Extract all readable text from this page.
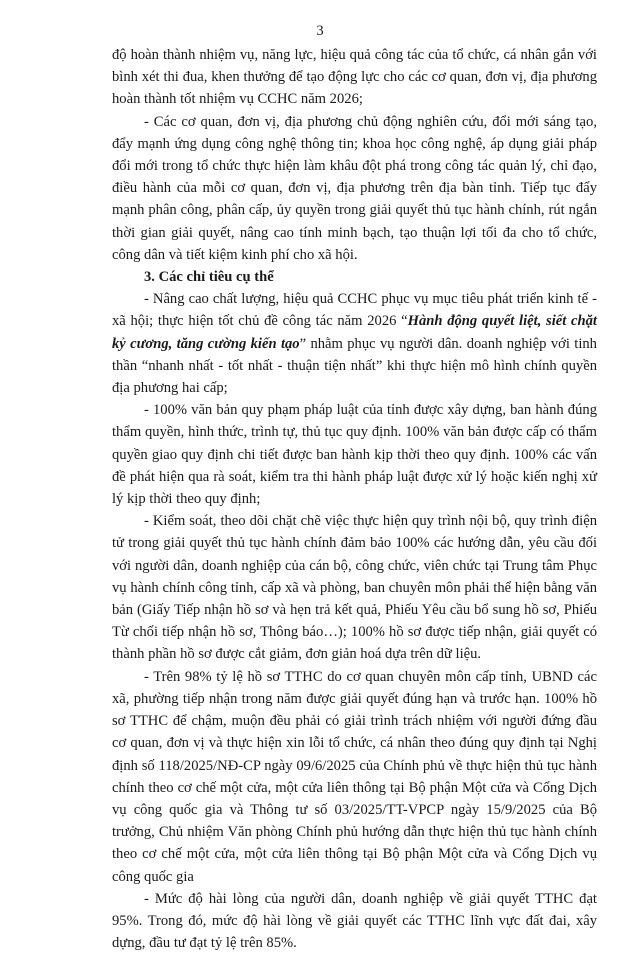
3

độ hoàn thành nhiệm vụ, năng lực, hiệu quả công tác của tổ chức, cá nhân gắn với bình xét thi đua, khen thưởng để tạo động lực cho các cơ quan, đơn vị, địa phương hoàn thành tốt nhiệm vụ CCHC năm 2026;

- Các cơ quan, đơn vị, địa phương chủ động nghiên cứu, đổi mới sáng tạo, đẩy mạnh ứng dụng công nghệ thông tin; khoa học công nghệ, áp dụng giải pháp đổi mới trong tổ chức thực hiện làm khâu đột phá trong công tác quản lý, chỉ đạo, điều hành của mỗi cơ quan, đơn vị, địa phương trên địa bàn tỉnh. Tiếp tục đẩy mạnh phân công, phân cấp, ủy quyền trong giải quyết thủ tục hành chính, rút ngắn thời gian giải quyết, nâng cao tính minh bạch, tạo thuận lợi tối đa cho tổ chức, công dân và tiết kiệm kinh phí cho xã hội.

3. Các chỉ tiêu cụ thể

- Nâng cao chất lượng, hiệu quả CCHC phục vụ mục tiêu phát triển kinh tế - xã hội; thực hiện tốt chủ đề công tác năm 2026 “Hành động quyết liệt, siết chặt kỷ cương, tăng cường kiến tạo” nhằm phục vụ người dân. doanh nghiệp với tinh thần “nhanh nhất - tốt nhất - thuận tiện nhất” khi thực hiện mô hình chính quyền địa phương hai cấp;

- 100% văn bản quy phạm pháp luật của tỉnh được xây dựng, ban hành đúng thẩm quyền, hình thức, trình tự, thủ tục quy định. 100% văn bản được cấp có thẩm quyền giao quy định chi tiết được ban hành kịp thời theo quy định. 100% các vấn đề phát hiện qua rà soát, kiểm tra thi hành pháp luật được xử lý hoặc kiến nghị xử lý kịp thời theo quy định;

- Kiểm soát, theo dõi chặt chẽ việc thực hiện quy trình nội bộ, quy trình điện tử trong giải quyết thủ tục hành chính đảm bảo 100% các hướng dẫn, yêu cầu đối với người dân, doanh nghiệp của cán bộ, công chức, viên chức tại Trung tâm Phục vụ hành chính công tỉnh, cấp xã và phòng, ban chuyên môn phải thể hiện bằng văn bản (Giấy Tiếp nhận hồ sơ và hẹn trả kết quả, Phiếu Yêu cầu bổ sung hồ sơ, Phiếu Từ chối tiếp nhận hồ sơ, Thông báo…); 100% hồ sơ được tiếp nhận, giải quyết có thành phần hồ sơ được cắt giảm, đơn giản hoá dựa trên dữ liệu.

- Trên 98% tỷ lệ hồ sơ TTHC do cơ quan chuyên môn cấp tỉnh, UBND các xã, phường tiếp nhận trong năm được giải quyết đúng hạn và trước hạn. 100% hồ sơ TTHC để chậm, muộn đều phải có giải trình trách nhiệm với người đứng đầu cơ quan, đơn vị và thực hiện xin lỗi tổ chức, cá nhân theo đúng quy định tại Nghị định số 118/2025/NĐ-CP ngày 09/6/2025 của Chính phủ về thực hiện thủ tục hành chính theo cơ chế một cửa, một cửa liên thông tại Bộ phận Một cửa và Cổng Dịch vụ công quốc gia và Thông tư số 03/2025/TT-VPCP ngày 15/9/2025 của Bộ trưởng, Chủ nhiệm Văn phòng Chính phủ hướng dẫn thực hiện thủ tục hành chính theo cơ chế một cửa, một cửa liên thông tại Bộ phận Một cửa và Cổng Dịch vụ công quốc gia

- Mức độ hài lòng của người dân, doanh nghiệp về giải quyết TTHC đạt 95%. Trong đó, mức độ hài lòng về giải quyết các TTHC lĩnh vực đất đai, xây dựng, đầu tư đạt tỷ lệ trên 85%.
